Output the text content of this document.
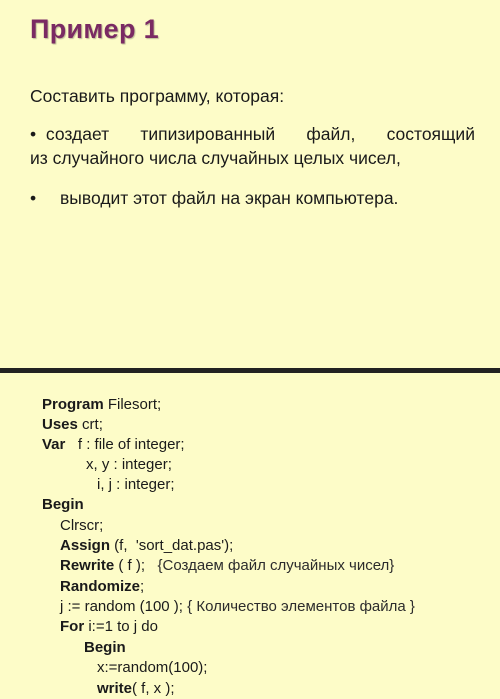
Пример 1
Составить программу, которая:
• создает типизированный файл, состоящий
из случайного числа случайных целых чисел,
• выводит этот файл на экран компьютера.
Program Filesort;
Uses crt;
Var   f : file of integer;
x, y : integer;
i, j : integer;
Begin
Clrscr;
Assign (f,  'sort_dat.pas');
Rewrite ( f );   {Создаем файл случайных чисел}
Randomize;
j := random (100 ); { Количество элементов файла }
For i:=1 to j do
Begin
x:=random(100);
write( f, x );
